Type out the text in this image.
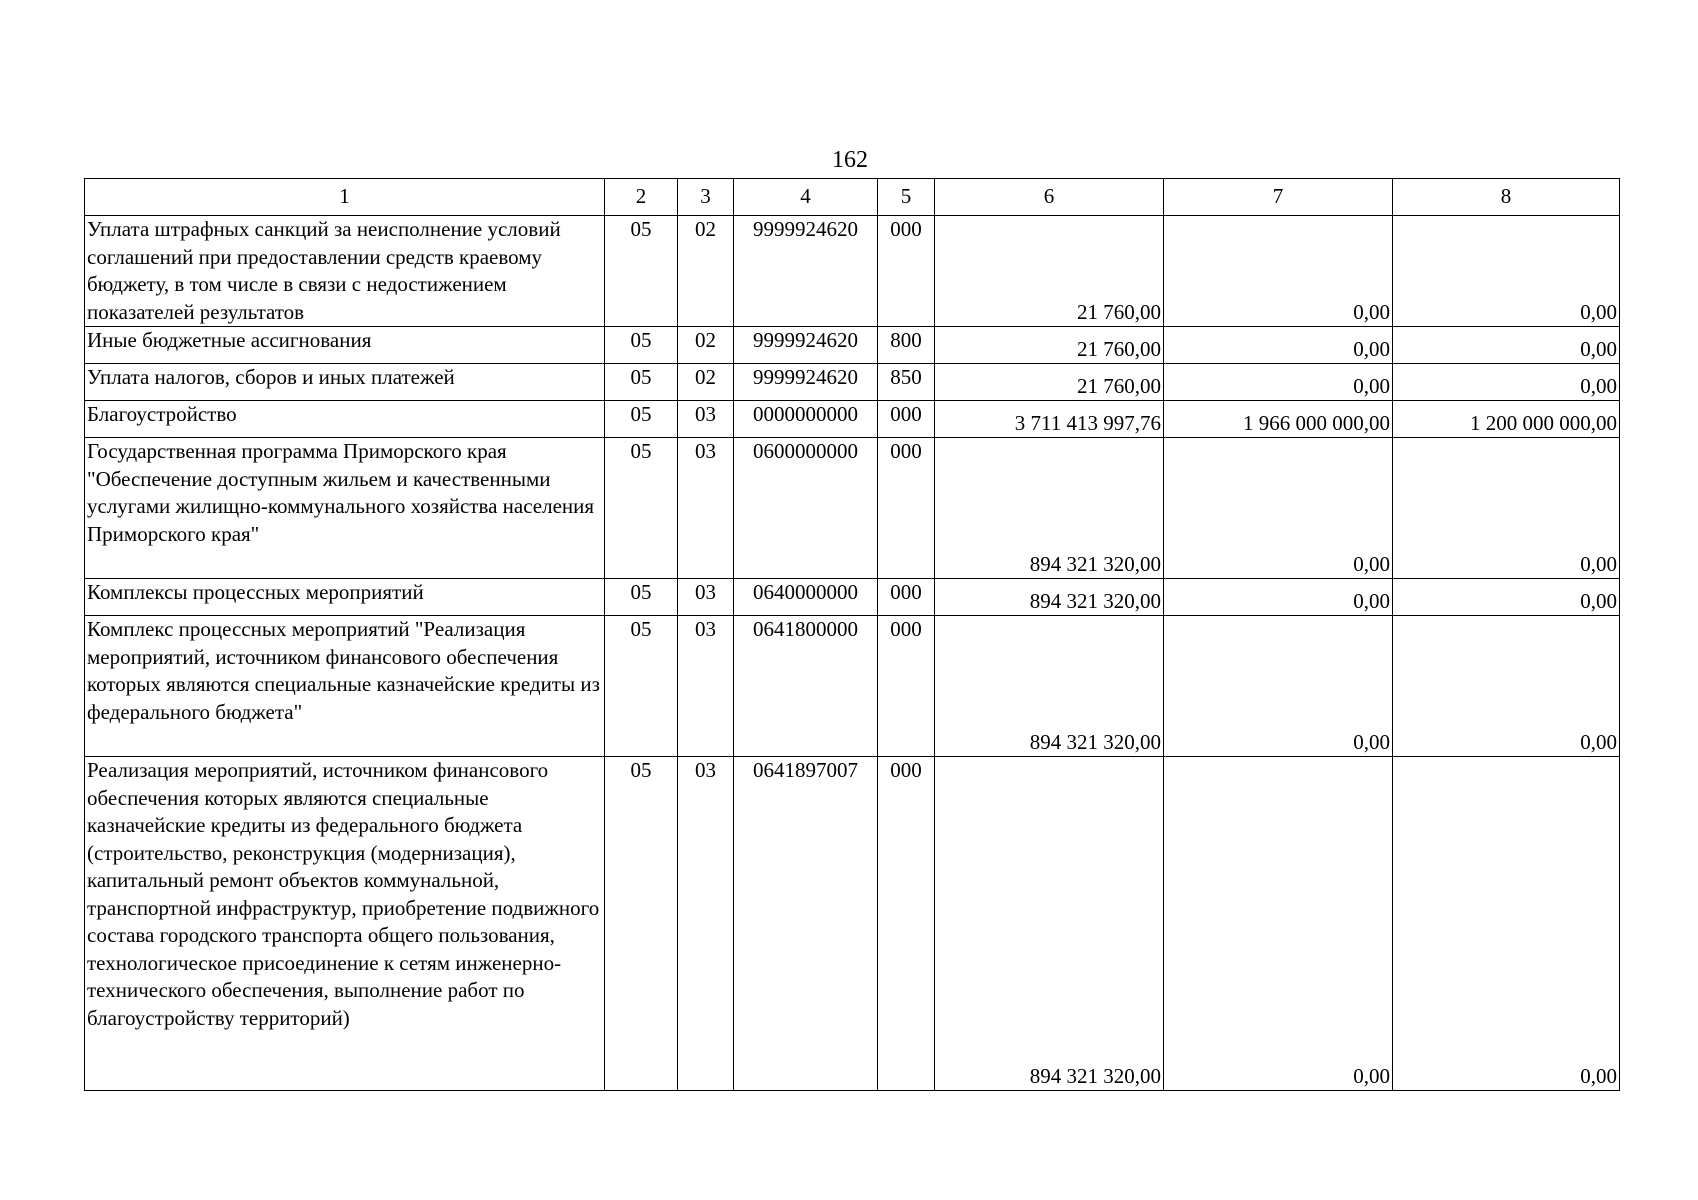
162
1	2	3	4	5	6	7	8
Уплата штрафных санкций за неисполнение условий соглашений при предоставлении средств краевому бюджету, в том числе в связи с недостижением показателей результатов	05	02	9999924620	000	21 760,00	0,00	0,00
Иные бюджетные ассигнования	05	02	9999924620	800	21 760,00	0,00	0,00
Уплата налогов, сборов и иных платежей	05	02	9999924620	850	21 760,00	0,00	0,00
Благоустройство	05	03	0000000000	000	3 711 413 997,76	1 966 000 000,00	1 200 000 000,00
Государственная программа Приморского края "Обеспечение доступным жильем и качественными услугами жилищно-коммунального хозяйства населения Приморского края"	05	03	0600000000	000	894 321 320,00	0,00	0,00
Комплексы процессных мероприятий	05	03	0640000000	000	894 321 320,00	0,00	0,00
Комплекс процессных мероприятий "Реализация мероприятий, источником финансового обеспечения которых являются специальные казначейские кредиты из федерального бюджета"	05	03	0641800000	000	894 321 320,00	0,00	0,00
Реализация мероприятий, источником финансового обеспечения которых являются специальные казначейские кредиты из федерального бюджета (строительство, реконструкция (модернизация), капитальный ремонт объектов коммунальной, транспортной инфраструктур, приобретение подвижного состава городского транспорта общего пользования, технологическое присоединение к сетям инженерно-технического обеспечения, выполнение работ по благоустройству территорий)	05	03	0641897007	000	894 321 320,00	0,00	0,00
